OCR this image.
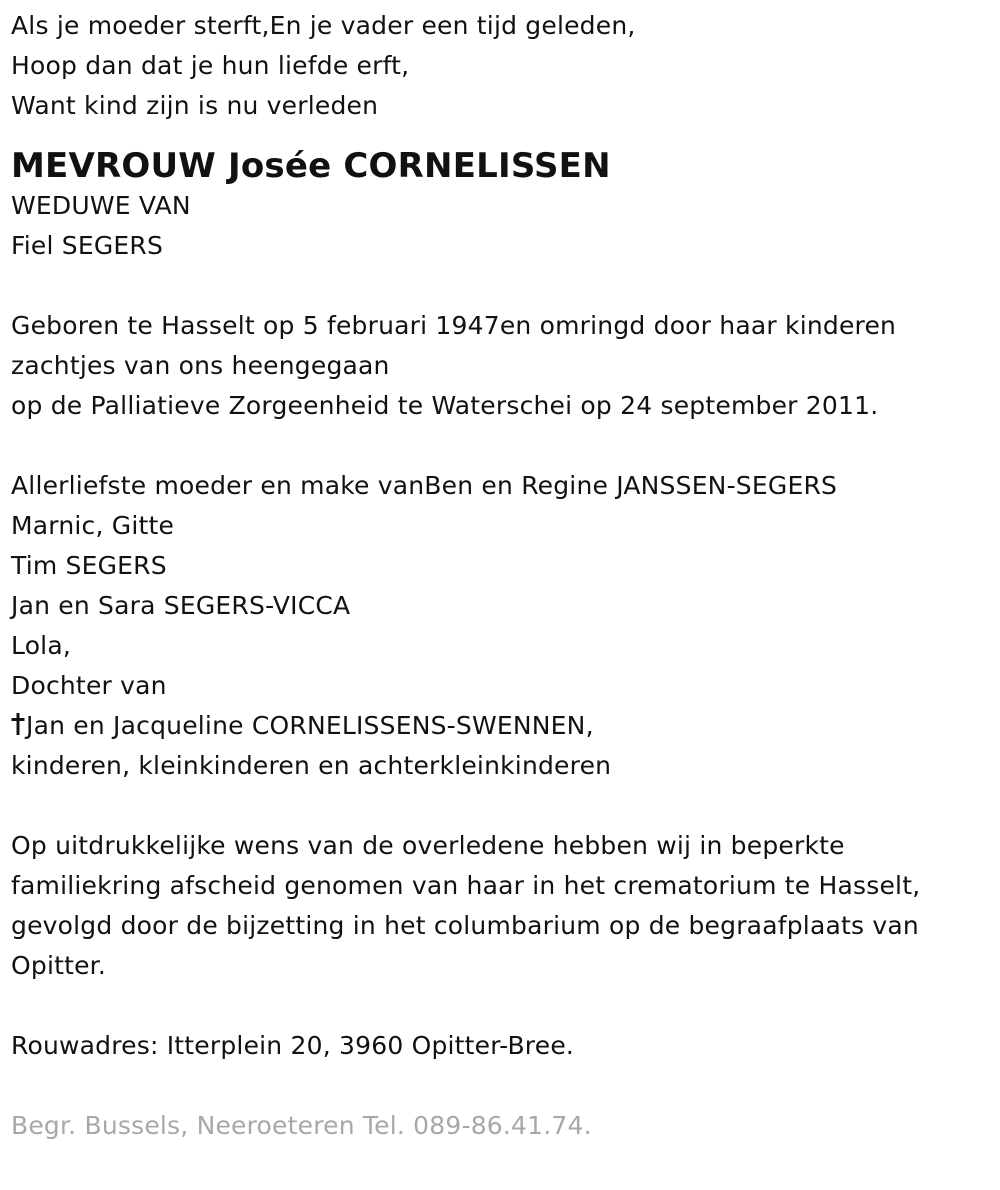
Als je moeder sterft,En je vader een tijd geleden,
Hoop dan dat je hun liefde erft,
Want kind zijn is nu verleden
MEVROUW Josée CORNELISSEN
WEDUWE VAN
Fiel SEGERS
Geboren te Hasselt op 5 februari 1947en omringd door haar kinderen
zachtjes van ons heengegaan
op de Palliatieve Zorgeenheid te Waterschei op 24 september 2011.
Allerliefste moeder en make vanBen en Regine JANSSEN-SEGERS
Marnic, Gitte
Tim SEGERS
Jan en Sara SEGERS-VICCA
Lola,
Dochter van
Jan en Jacqueline CORNELISSENS-SWENNEN,
kinderen, kleinkinderen en achterkleinkinderen
Op uitdrukkelijke wens van de overledene hebben wij in beperkte
familiekring afscheid genomen van haar in het crematorium te Hasselt,
gevolgd door de bijzetting in het columbarium op de begraafplaats van
Opitter.
Rouwadres: Itterplein 20, 3960 Opitter-Bree.
Begr. Bussels, Neeroeteren Tel. 089-86.41.74.
